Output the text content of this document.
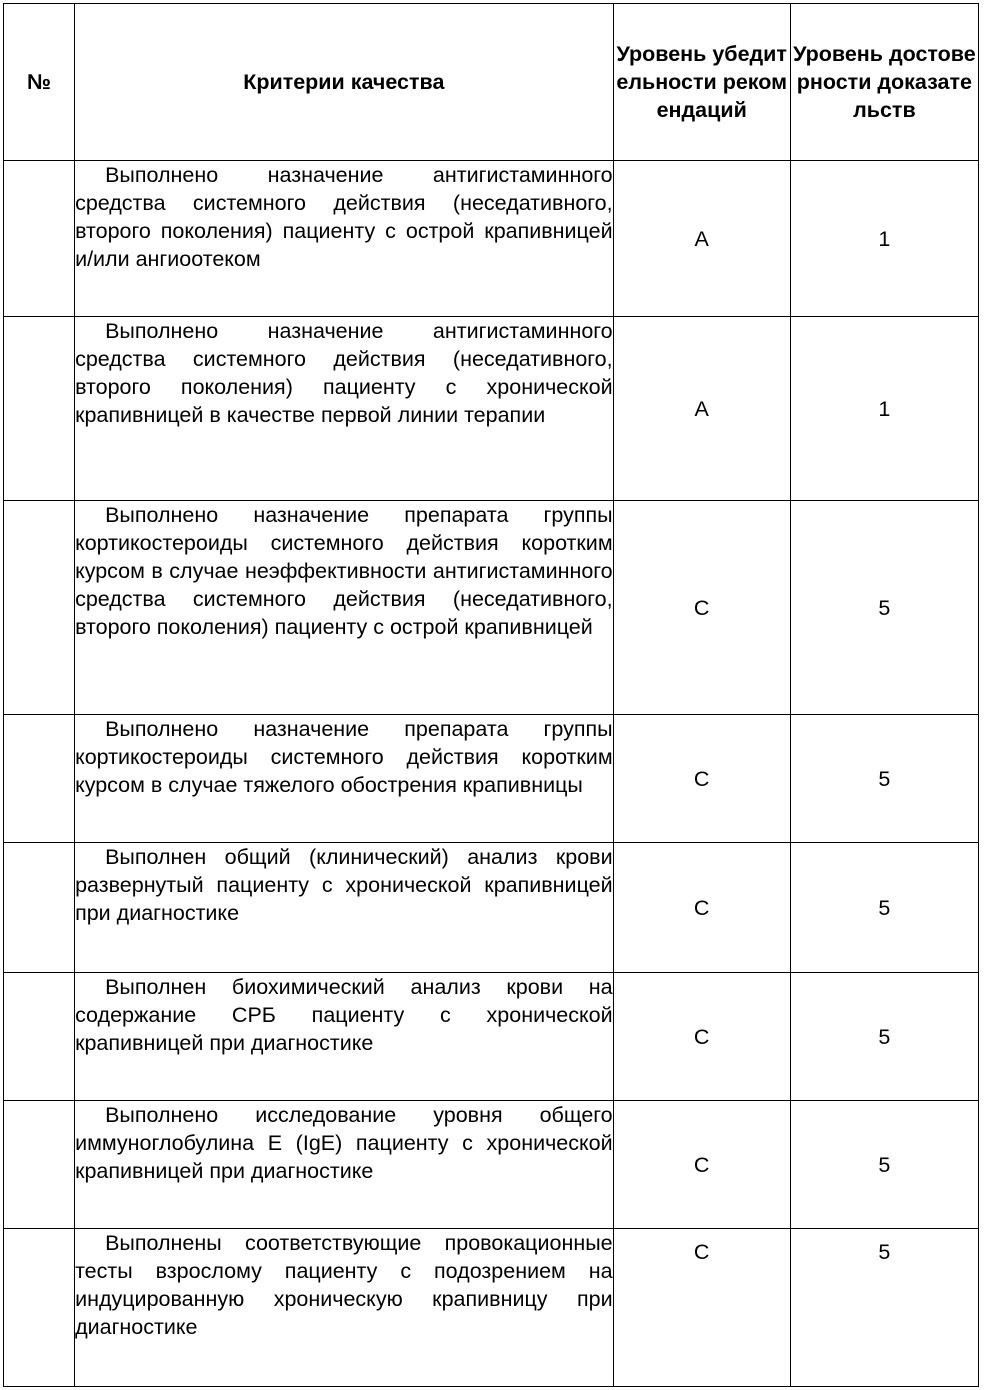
№	Критерии качества	Уровень убедительности рекомендаций	Уровень достоверности доказательств

	Выполнено назначение антигистаминного средства системного действия (неседативного, второго поколения) пациенту с острой крапивницей и/или ангиоотеком	A	1

	Выполнено назначение антигистаминного средства системного действия (неседативного, второго поколения) пациенту с хронической крапивницей в качестве первой линии терапии	A	1

	Выполнено назначение препарата группы кортикостероиды системного действия коротким курсом в случае неэффективности антигистаминного средства системного действия (неседативного, второго поколения) пациенту с острой крапивницей	C	5

	Выполнено назначение препарата группы кортикостероиды системного действия коротким курсом в случае тяжелого обострения крапивницы	C	5

	Выполнен общий (клинический) анализ крови развернутый пациенту с хронической крапивницей при диагностике	C	5

	Выполнен биохимический анализ крови на содержание СРБ пациенту с хронической крапивницей при диагностике	C	5

	Выполнено исследование уровня общего иммуноглобулина Е (IgE) пациенту с хронической крапивницей при диагностике	C	5

	Выполнены соответствующие провокационные тесты взрослому пациенту с подозрением на индуцированную хроническую крапивницу при диагностике	C	5
